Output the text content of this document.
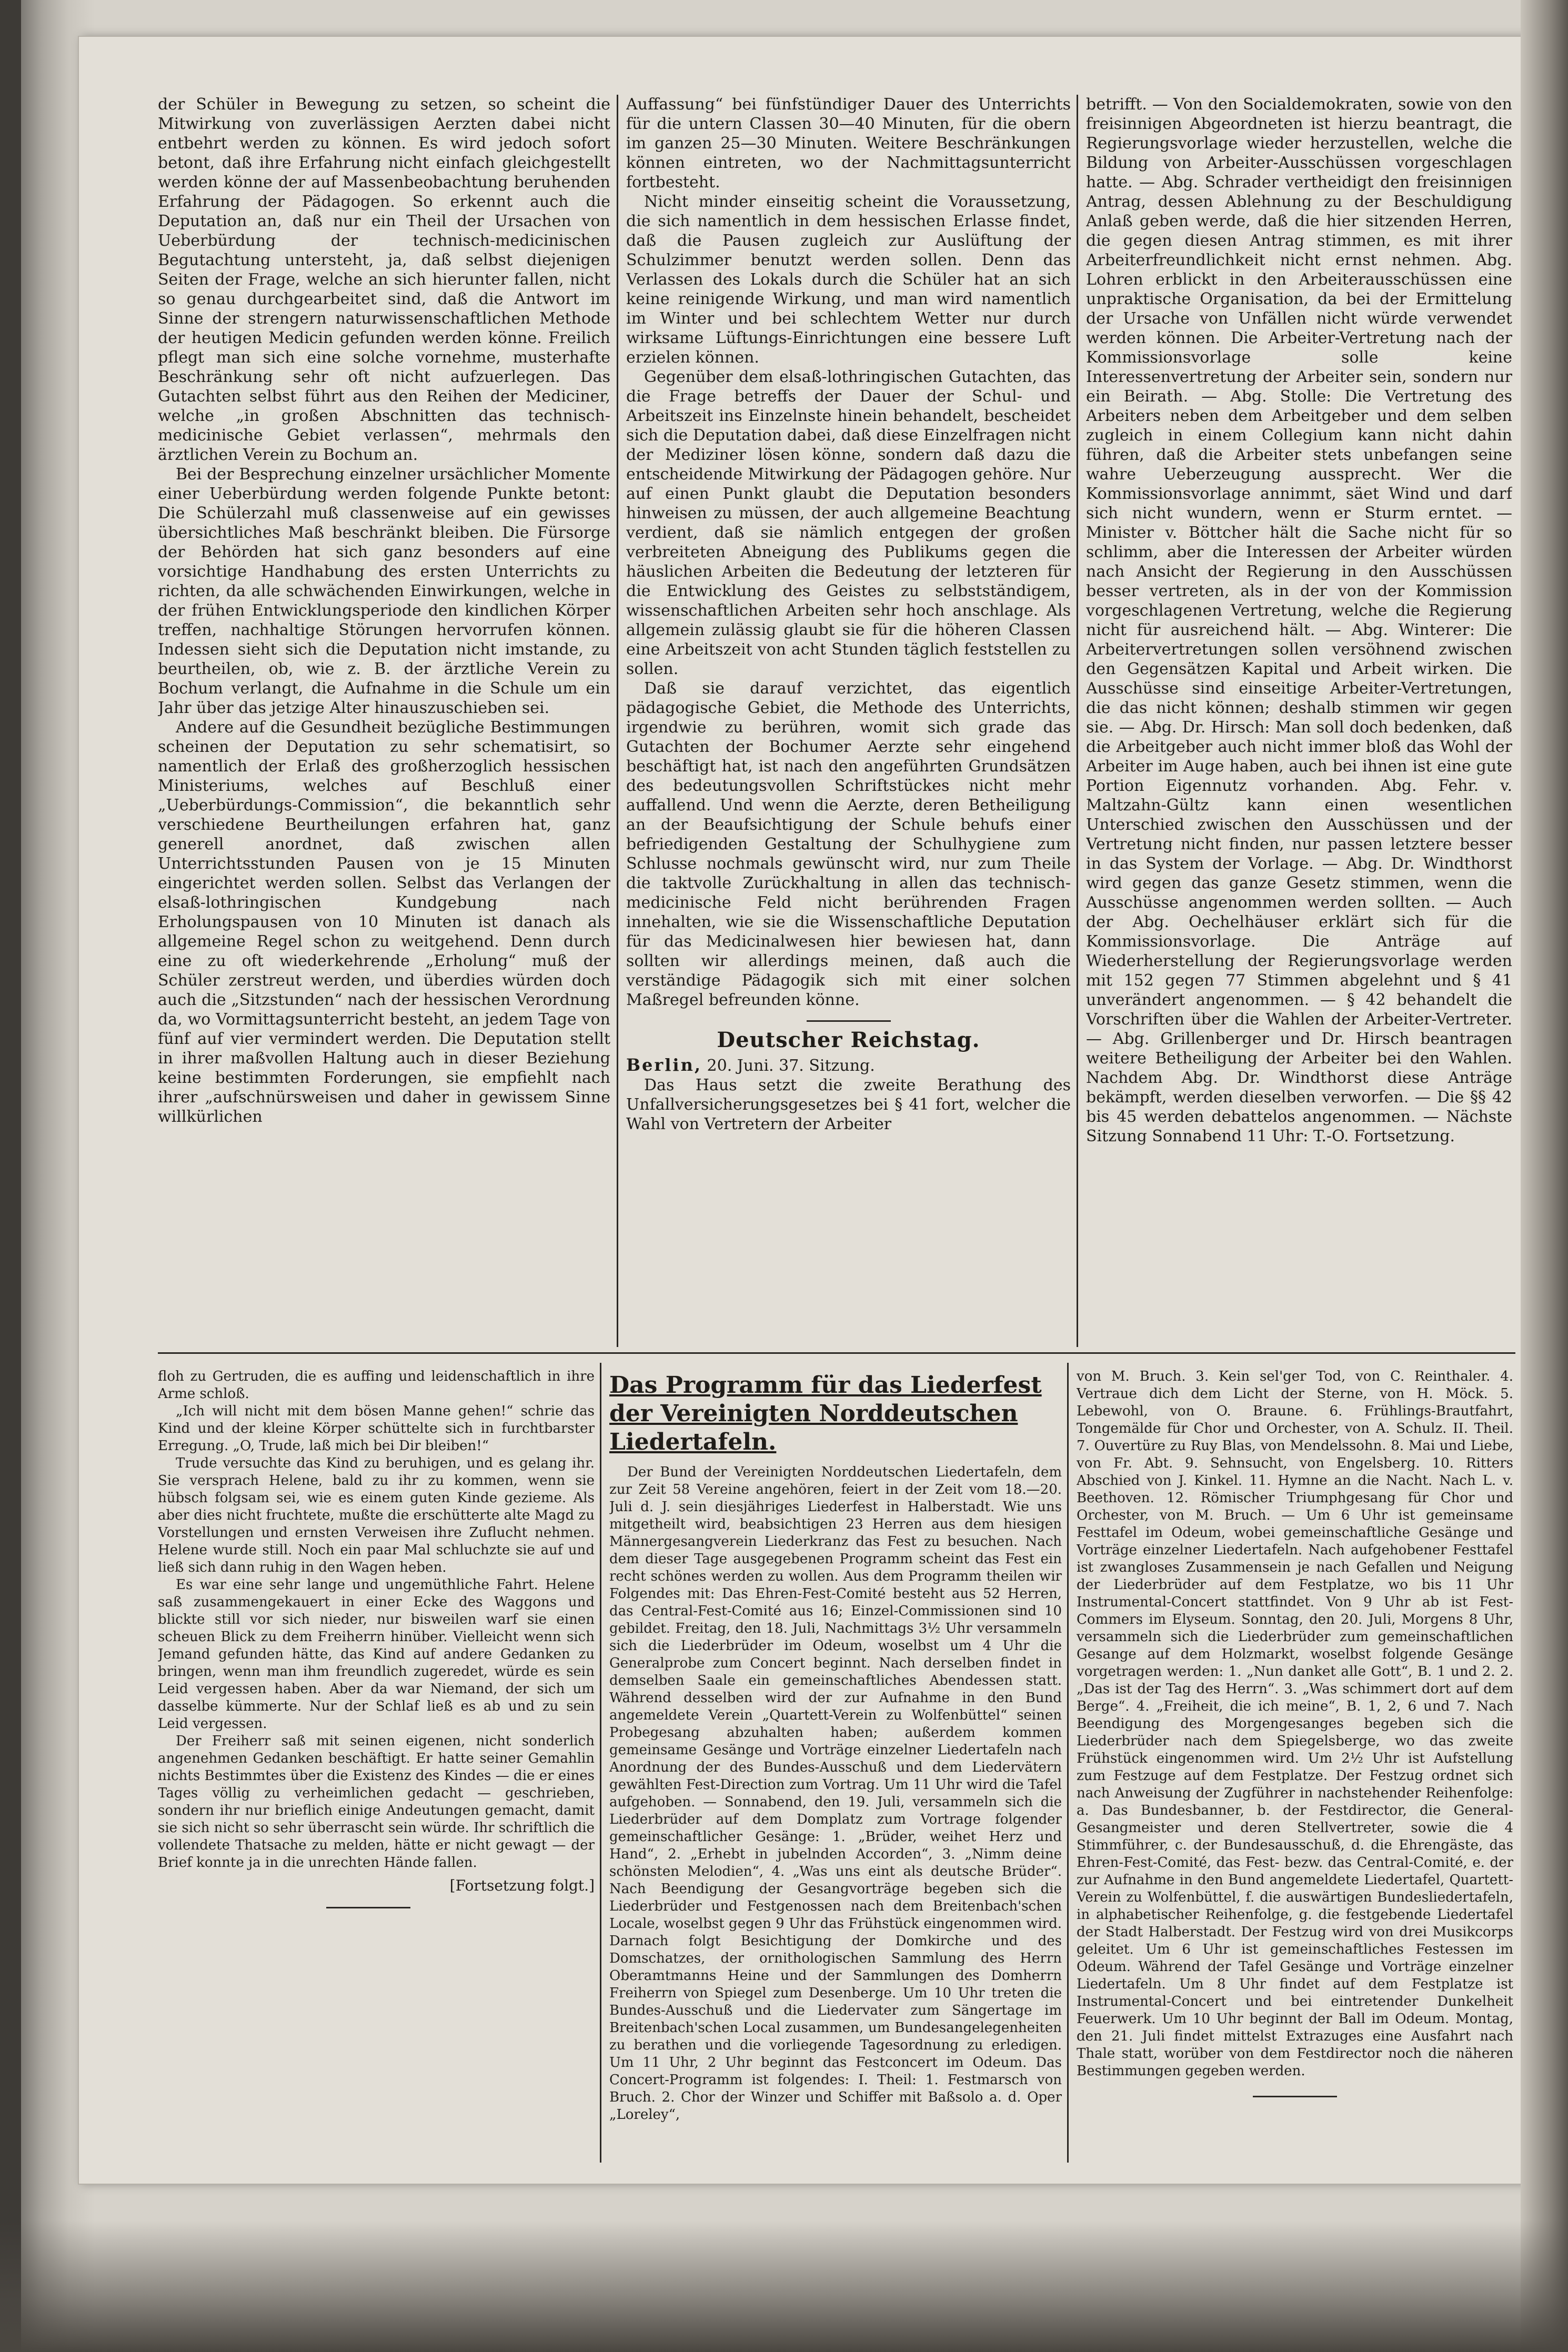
der Schüler in Bewegung zu setzen, so scheint die Mitwirkung von zuverlässigen Aerzten dabei nicht entbehrt werden zu können. Es wird jedoch sofort betont, daß ihre Erfahrung nicht einfach gleichgestellt werden könne der auf Massenbeobachtung beruhenden Erfahrung der Pädagogen. So erkennt auch die Deputation an, daß nur ein Theil der Ursachen von Ueberbürdung der technisch-medicinischen Begutachtung untersteht, ja, daß selbst diejenigen Seiten der Frage, welche an sich hierunter fallen, nicht so genau durchgearbeitet sind, daß die Antwort im Sinne der strengern naturwissenschaftlichen Methode der heutigen Medicin gefunden werden könne. Freilich pflegt man sich eine solche vornehme, musterhafte Beschränkung sehr oft nicht aufzuerlegen. Das Gutachten selbst führt aus den Reihen der Mediciner, welche „in großen Abschnitten das technisch-medicinische Gebiet verlassen“, mehrmals den ärztlichen Verein zu Bochum an.

Bei der Besprechung einzelner ursächlicher Momente einer Ueberbürdung werden folgende Punkte betont: Die Schülerzahl muß classenweise auf ein gewisses übersichtliches Maß beschränkt bleiben. Die Fürsorge der Behörden hat sich ganz besonders auf eine vorsichtige Handhabung des ersten Unterrichts zu richten, da alle schwächenden Einwirkungen, welche in der frühen Entwicklungsperiode den kindlichen Körper treffen, nachhaltige Störungen hervorrufen können. Indessen sieht sich die Deputation nicht imstande, zu beurtheilen, ob, wie z. B. der ärztliche Verein zu Bochum verlangt, die Aufnahme in die Schule um ein Jahr über das jetzige Alter hinauszuschieben sei.

Andere auf die Gesundheit bezügliche Bestimmungen scheinen der Deputation zu sehr schematisirt, so namentlich der Erlaß des großherzoglich hessischen Ministeriums, welches auf Beschluß einer „Ueberbürdungs-Commission“, die bekanntlich sehr verschiedene Beurtheilungen erfahren hat, ganz generell anordnet, daß zwischen allen Unterrichtsstunden Pausen von je 15 Minuten eingerichtet werden sollen. Selbst das Verlangen der elsaß-lothringischen Kundgebung nach Erholungspausen von 10 Minuten ist danach als allgemeine Regel schon zu weitgehend. Denn durch eine zu oft wiederkehrende „Erholung“ muß der Schüler zerstreut werden, und überdies würden doch auch die „Sitzstunden“ nach der hessischen Verordnung da, wo Vormittagsunterricht besteht, an jedem Tage von fünf auf vier vermindert werden. Die Deputation stellt in ihrer maßvollen Haltung auch in dieser Beziehung keine bestimmten Forderungen, sie empfiehlt nach ihrer „aufschnürsweisen und daher in gewissem Sinne willkürlichen

Auffassung“ bei fünfstündiger Dauer des Unterrichts für die untern Classen 30—40 Minuten, für die obern im ganzen 25—30 Minuten. Weitere Beschränkungen können eintreten, wo der Nachmittagsunterricht fortbesteht.

Nicht minder einseitig scheint die Voraussetzung, die sich namentlich in dem hessischen Erlasse findet, daß die Pausen zugleich zur Auslüftung der Schulzimmer benutzt werden sollen. Denn das Verlassen des Lokals durch die Schüler hat an sich keine reinigende Wirkung, und man wird namentlich im Winter und bei schlechtem Wetter nur durch wirksame Lüftungs-Einrichtungen eine bessere Luft erzielen können.

Gegenüber dem elsaß-lothringischen Gutachten, das die Frage betreffs der Dauer der Schul- und Arbeitszeit ins Einzelnste hinein behandelt, bescheidet sich die Deputation dabei, daß diese Einzelfragen nicht der Mediziner lösen könne, sondern daß dazu die entscheidende Mitwirkung der Pädagogen gehöre. Nur auf einen Punkt glaubt die Deputation besonders hinweisen zu müssen, der auch allgemeine Beachtung verdient, daß sie nämlich entgegen der großen verbreiteten Abneigung des Publikums gegen die häuslichen Arbeiten die Bedeutung der letzteren für die Entwicklung des Geistes zu selbstständigem, wissenschaftlichen Arbeiten sehr hoch anschlage. Als allgemein zulässig glaubt sie für die höheren Classen eine Arbeitszeit von acht Stunden täglich feststellen zu sollen.

Daß sie darauf verzichtet, das eigentlich pädagogische Gebiet, die Methode des Unterrichts, irgendwie zu berühren, womit sich grade das Gutachten der Bochumer Aerzte sehr eingehend beschäftigt hat, ist nach den angeführten Grundsätzen des bedeutungsvollen Schriftstückes nicht mehr auffallend. Und wenn die Aerzte, deren Betheiligung an der Beaufsichtigung der Schule behufs einer befriedigenden Gestaltung der Schulhygiene zum Schlusse nochmals gewünscht wird, nur zum Theile die taktvolle Zurückhaltung in allen das technisch-medicinische Feld nicht berührenden Fragen innehalten, wie sie die Wissenschaftliche Deputation für das Medicinalwesen hier bewiesen hat, dann sollten wir allerdings meinen, daß auch die verständige Pädagogik sich mit einer solchen Maßregel befreunden könne.

Deutscher Reichstag.

Berlin, 20. Juni. 37. Sitzung.

Das Haus setzt die zweite Berathung des Unfallversicherungsgesetzes bei § 41 fort, welcher die Wahl von Vertretern der Arbeiter

betrifft. — Von den Socialdemokraten, sowie von den freisinnigen Abgeordneten ist hierzu beantragt, die Regierungsvorlage wieder herzustellen, welche die Bildung von Arbeiter-Ausschüssen vorgeschlagen hatte. — Abg. Schrader vertheidigt den freisinnigen Antrag, dessen Ablehnung zu der Beschuldigung Anlaß geben werde, daß die hier sitzenden Herren, die gegen diesen Antrag stimmen, es mit ihrer Arbeiterfreundlichkeit nicht ernst nehmen. Abg. Lohren erblickt in den Arbeiterausschüssen eine unpraktische Organisation, da bei der Ermittelung der Ursache von Unfällen nicht würde verwendet werden können. Die Arbeiter-Vertretung nach der Kommissionsvorlage solle keine Interessenvertretung der Arbeiter sein, sondern nur ein Beirath. — Abg. Stolle: Die Vertretung des Arbeiters neben dem Arbeitgeber und dem selben zugleich in einem Collegium kann nicht dahin führen, daß die Arbeiter stets unbefangen seine wahre Ueberzeugung aussprecht. Wer die Kommissionsvorlage annimmt, säet Wind und darf sich nicht wundern, wenn er Sturm erntet. — Minister v. Böttcher hält die Sache nicht für so schlimm, aber die Interessen der Arbeiter würden nach Ansicht der Regierung in den Ausschüssen besser vertreten, als in der von der Kommission vorgeschlagenen Vertretung, welche die Regierung nicht für ausreichend hält. — Abg. Winterer: Die Arbeitervertretungen sollen versöhnend zwischen den Gegensätzen Kapital und Arbeit wirken. Die Ausschüsse sind einseitige Arbeiter-Vertretungen, die das nicht können; deshalb stimmen wir gegen sie. — Abg. Dr. Hirsch: Man soll doch bedenken, daß die Arbeitgeber auch nicht immer bloß das Wohl der Arbeiter im Auge haben, auch bei ihnen ist eine gute Portion Eigennutz vorhanden. Abg. Fehr. v. Maltzahn-Gültz kann einen wesentlichen Unterschied zwischen den Ausschüssen und der Vertretung nicht finden, nur passen letztere besser in das System der Vorlage. — Abg. Dr. Windthorst wird gegen das ganze Gesetz stimmen, wenn die Ausschüsse angenommen werden sollten. — Auch der Abg. Oechelhäuser erklärt sich für die Kommissionsvorlage. Die Anträge auf Wiederherstellung der Regierungsvorlage werden mit 152 gegen 77 Stimmen abgelehnt und § 41 unverändert angenommen. — § 42 behandelt die Vorschriften über die Wahlen der Arbeiter-Vertreter. — Abg. Grillenberger und Dr. Hirsch beantragen weitere Betheiligung der Arbeiter bei den Wahlen. Nachdem Abg. Dr. Windthorst diese Anträge bekämpft, werden dieselben verworfen. — Die §§ 42 bis 45 werden debattelos angenommen. — Nächste Sitzung Sonnabend 11 Uhr: T.-O. Fortsetzung.

floh zu Gertruden, die es auffing und leidenschaftlich in ihre Arme schloß.

„Ich will nicht mit dem bösen Manne gehen!“ schrie das Kind und der kleine Körper schüttelte sich in furchtbarster Erregung. „O, Trude, laß mich bei Dir bleiben!“

Trude versuchte das Kind zu beruhigen, und es gelang ihr. Sie versprach Helene, bald zu ihr zu kommen, wenn sie hübsch folgsam sei, wie es einem guten Kinde gezieme. Als aber dies nicht fruchtete, mußte die erschütterte alte Magd zu Vorstellungen und ernsten Verweisen ihre Zuflucht nehmen. Helene wurde still. Noch ein paar Mal schluchzte sie auf und ließ sich dann ruhig in den Wagen heben.

Es war eine sehr lange und ungemüthliche Fahrt. Helene saß zusammengekauert in einer Ecke des Waggons und blickte still vor sich nieder, nur bisweilen warf sie einen scheuen Blick zu dem Freiherrn hinüber. Vielleicht wenn sich Jemand gefunden hätte, das Kind auf andere Gedanken zu bringen, wenn man ihm freundlich zugeredet, würde es sein Leid vergessen haben. Aber da war Niemand, der sich um dasselbe kümmerte. Nur der Schlaf ließ es ab und zu sein Leid vergessen.

Der Freiherr saß mit seinen eigenen, nicht sonderlich angenehmen Gedanken beschäftigt. Er hatte seiner Gemahlin nichts Bestimmtes über die Existenz des Kindes — die er eines Tages völlig zu verheimlichen gedacht — geschrieben, sondern ihr nur brieflich einige Andeutungen gemacht, damit sie sich nicht so sehr überrascht sein würde. Ihr schriftlich die vollendete Thatsache zu melden, hätte er nicht gewagt — der Brief konnte ja in die unrechten Hände fallen.

[Fortsetzung folgt.]
Das Programm für das Liederfest der Vereinigten Norddeutschen Liedertafeln.

Der Bund der Vereinigten Norddeutschen Liedertafeln, dem zur Zeit 58 Vereine angehören, feiert in der Zeit vom 18.—20. Juli d. J. sein diesjähriges Liederfest in Halberstadt. Wie uns mitgetheilt wird, beabsichtigen 23 Herren aus dem hiesigen Männergesangverein Liederkranz das Fest zu besuchen. Nach dem dieser Tage ausgegebenen Programm scheint das Fest ein recht schönes werden zu wollen. Aus dem Programm theilen wir Folgendes mit: Das Ehren-Fest-Comité besteht aus 52 Herren, das Central-Fest-Comité aus 16; Einzel-Commissionen sind 10 gebildet. Freitag, den 18. Juli, Nachmittags 3½ Uhr versammeln sich die Liederbrüder im Odeum, woselbst um 4 Uhr die Generalprobe zum Concert beginnt. Nach derselben findet in demselben Saale ein gemeinschaftliches Abendessen statt. Während desselben wird der zur Aufnahme in den Bund angemeldete Verein „Quartett-Verein zu Wolfenbüttel“ seinen Probegesang abzuhalten haben; außerdem kommen gemeinsame Gesänge und Vorträge einzelner Liedertafeln nach Anordnung der des Bundes-Ausschuß und dem Liedervätern gewählten Fest-Direction zum Vortrag. Um 11 Uhr wird die Tafel aufgehoben. — Sonnabend, den 19. Juli, versammeln sich die Liederbrüder auf dem Domplatz zum Vortrage folgender gemeinschaftlicher Gesänge: 1. „Brüder, weihet Herz und Hand“, 2. „Erhebt in jubelnden Accorden“, 3. „Nimm deine schönsten Melodien“, 4. „Was uns eint als deutsche Brüder“. Nach Beendigung der Gesangvorträge begeben sich die Liederbrüder und Festgenossen nach dem Breitenbach'schen Locale, woselbst gegen 9 Uhr das Frühstück eingenommen wird. Darnach folgt Besichtigung der Domkirche und des Domschatzes, der ornithologischen Sammlung des Herrn Oberamtmanns Heine und der Sammlungen des Domherrn Freiherrn von Spiegel zum Desenberge. Um 10 Uhr treten die Bundes-Ausschuß und die Liedervater zum Sängertage im Breitenbach'schen Local zusammen, um Bundesangelegenheiten zu berathen und die vorliegende Tagesordnung zu erledigen. Um 11 Uhr, 2 Uhr beginnt das Festconcert im Odeum. Das Concert-Programm ist folgendes: I. Theil: 1. Festmarsch von Bruch. 2. Chor der Winzer und Schiffer mit Baßsolo a. d. Oper „Loreley“,

von M. Bruch. 3. Kein sel'ger Tod, von C. Reinthaler. 4. Vertraue dich dem Licht der Sterne, von H. Möck. 5. Lebewohl, von O. Braune. 6. Frühlings-Brautfahrt, Tongemälde für Chor und Orchester, von A. Schulz. II. Theil. 7. Ouvertüre zu Ruy Blas, von Mendelssohn. 8. Mai und Liebe, von Fr. Abt. 9. Sehnsucht, von Engelsberg. 10. Ritters Abschied von J. Kinkel. 11. Hymne an die Nacht. Nach L. v. Beethoven. 12. Römischer Triumphgesang für Chor und Orchester, von M. Bruch. — Um 6 Uhr ist gemeinsame Festtafel im Odeum, wobei gemeinschaftliche Gesänge und Vorträge einzelner Liedertafeln. Nach aufgehobener Festtafel ist zwangloses Zusammensein je nach Gefallen und Neigung der Liederbrüder auf dem Festplatze, wo bis 11 Uhr Instrumental-Concert stattfindet. Von 9 Uhr ab ist Fest-Commers im Elyseum. Sonntag, den 20. Juli, Morgens 8 Uhr, versammeln sich die Liederbrüder zum gemeinschaftlichen Gesange auf dem Holzmarkt, woselbst folgende Gesänge vorgetragen werden: 1. „Nun danket alle Gott“, B. 1 und 2. 2. „Das ist der Tag des Herrn“. 3. „Was schimmert dort auf dem Berge“. 4. „Freiheit, die ich meine“, B. 1, 2, 6 und 7. Nach Beendigung des Morgengesanges begeben sich die Liederbrüder nach dem Spiegelsberge, wo das zweite Frühstück eingenommen wird. Um 2½ Uhr ist Aufstellung zum Festzuge auf dem Festplatze. Der Festzug ordnet sich nach Anweisung der Zugführer in nachstehender Reihenfolge: a. Das Bundesbanner, b. der Festdirector, die General-Gesangmeister und deren Stellvertreter, sowie die 4 Stimmführer, c. der Bundesausschuß, d. die Ehrengäste, das Ehren-Fest-Comité, das Fest- bezw. das Central-Comité, e. der zur Aufnahme in den Bund angemeldete Liedertafel, Quartett-Verein zu Wolfenbüttel, f. die auswärtigen Bundesliedertafeln, in alphabetischer Reihenfolge, g. die festgebende Liedertafel der Stadt Halberstadt. Der Festzug wird von drei Musikcorps geleitet. Um 6 Uhr ist gemeinschaftliches Festessen im Odeum. Während der Tafel Gesänge und Vorträge einzelner Liedertafeln. Um 8 Uhr findet auf dem Festplatze ist Instrumental-Concert und bei eintretender Dunkelheit Feuerwerk. Um 10 Uhr beginnt der Ball im Odeum. Montag, den 21. Juli findet mittelst Extrazuges eine Ausfahrt nach Thale statt, worüber von dem Festdirector noch die näheren Bestimmungen gegeben werden.
